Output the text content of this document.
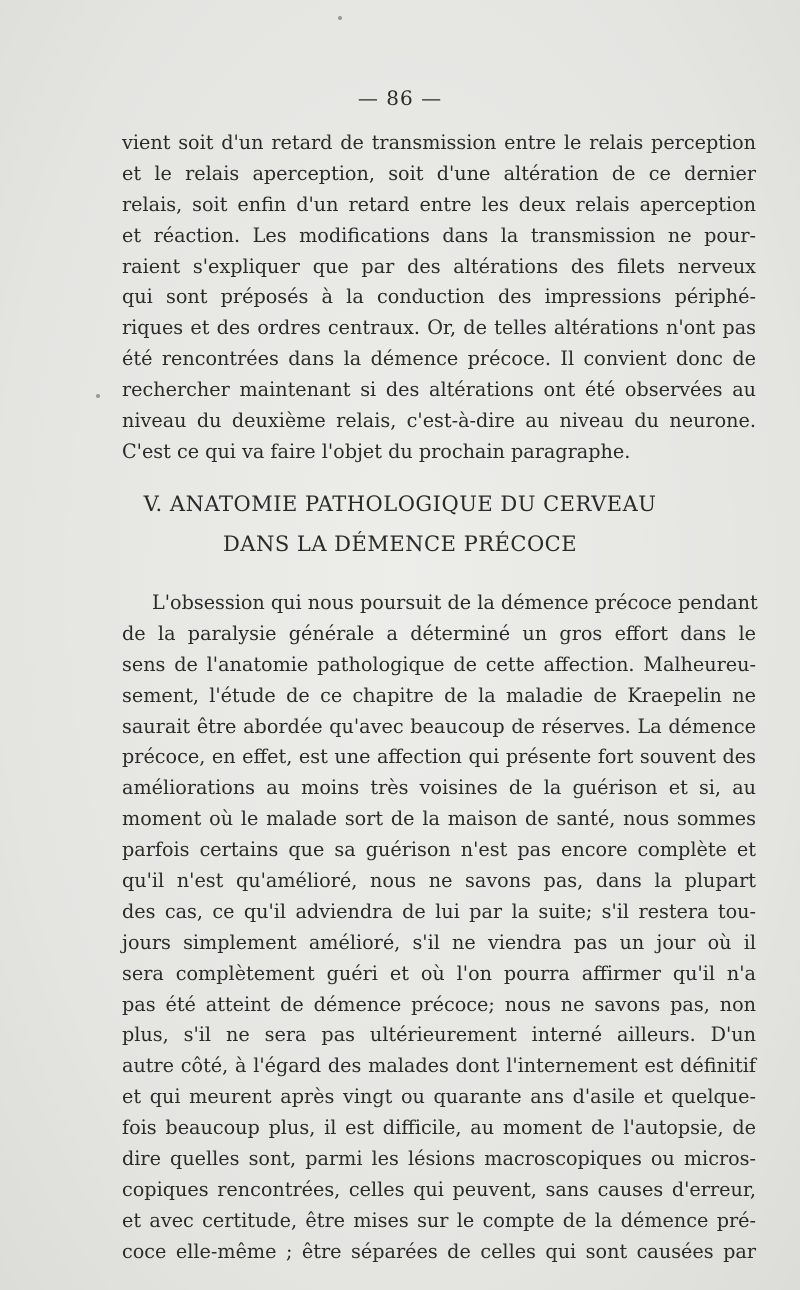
— 86 —
vient soit d'un retard de transmission entre le relais perception
et le relais aperception, soit d'une altération de ce dernier
relais, soit enfin d'un retard entre les deux relais aperception
et réaction. Les modifications dans la transmission ne pour-
raient s'expliquer que par des altérations des filets nerveux
qui sont préposés à la conduction des impressions périphé-
riques et des ordres centraux. Or, de telles altérations n'ont pas
été rencontrées dans la démence précoce. Il convient donc de
rechercher maintenant si des altérations ont été observées au
niveau du deuxième relais, c'est-à-dire au niveau du neurone.
C'est ce qui va faire l'objet du prochain paragraphe.
V. ANATOMIE PATHOLOGIQUE DU CERVEAU
DANS LA DÉMENCE PRÉCOCE
L'obsession qui nous poursuit de la démence précoce pendant
de la paralysie générale a déterminé un gros effort dans le
sens de l'anatomie pathologique de cette affection. Malheureu-
sement, l'étude de ce chapitre de la maladie de Kraepelin ne
saurait être abordée qu'avec beaucoup de réserves. La démence
précoce, en effet, est une affection qui présente fort souvent des
améliorations au moins très voisines de la guérison et si, au
moment où le malade sort de la maison de santé, nous sommes
parfois certains que sa guérison n'est pas encore complète et
qu'il n'est qu'amélioré, nous ne savons pas, dans la plupart
des cas, ce qu'il adviendra de lui par la suite; s'il restera tou-
jours simplement amélioré, s'il ne viendra pas un jour où il
sera complètement guéri et où l'on pourra affirmer qu'il n'a
pas été atteint de démence précoce; nous ne savons pas, non
plus, s'il ne sera pas ultérieurement interné ailleurs. D'un
autre côté, à l'égard des malades dont l'internement est définitif
et qui meurent après vingt ou quarante ans d'asile et quelque-
fois beaucoup plus, il est difficile, au moment de l'autopsie, de
dire quelles sont, parmi les lésions macroscopiques ou micros-
copiques rencontrées, celles qui peuvent, sans causes d'erreur,
et avec certitude, être mises sur le compte de la démence pré-
coce elle-même ; être séparées de celles qui sont causées par
